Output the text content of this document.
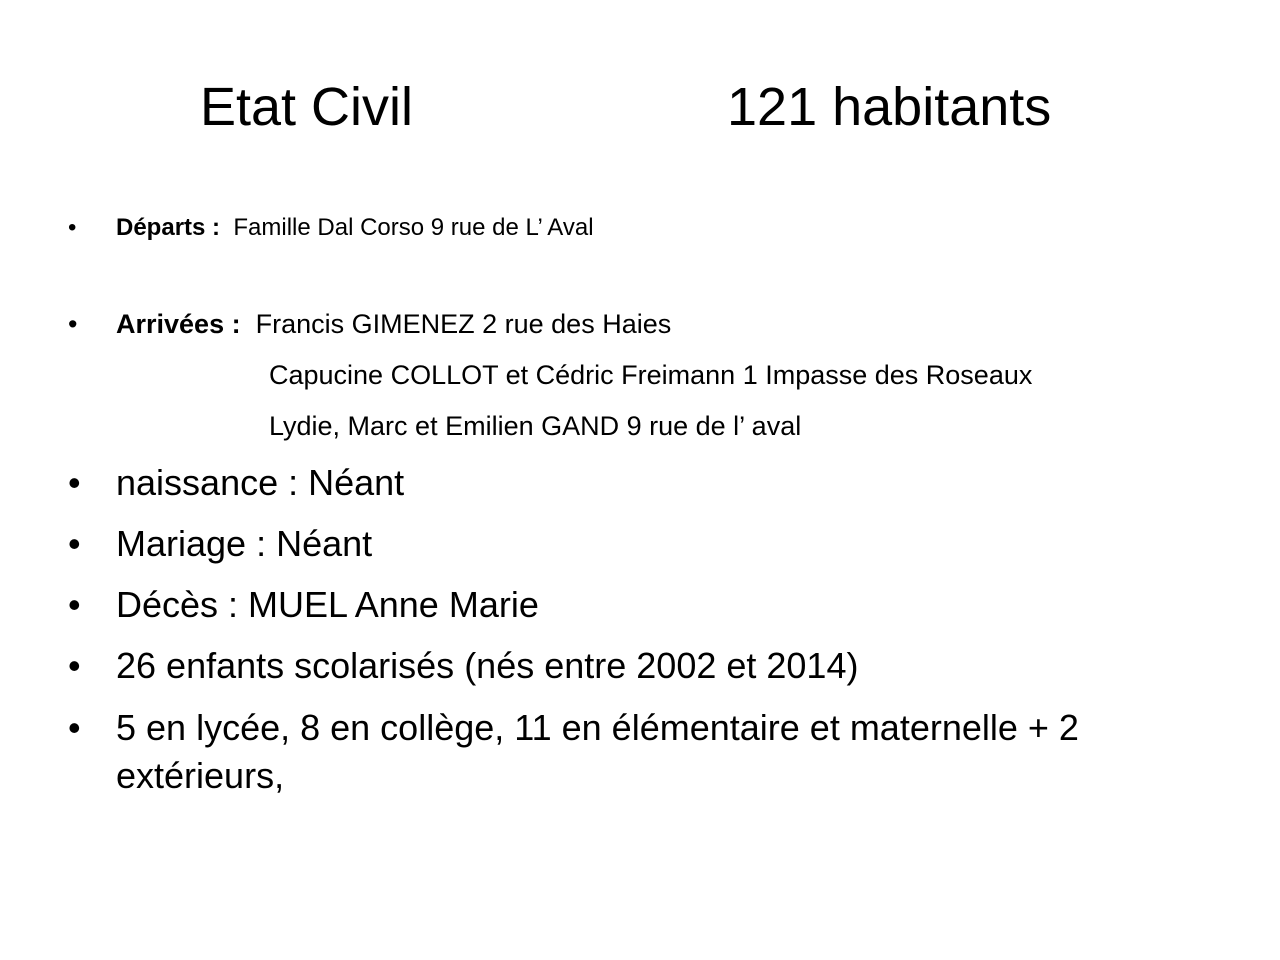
Etat Civil	121 habitants
• Départs : Famille Dal Corso 9 rue de L’ Aval
• Arrivées : Francis GIMENEZ 2 rue des Haies
Capucine COLLOT et Cédric Freimann 1 Impasse des Roseaux
Lydie, Marc et Emilien GAND 9 rue de l’ aval
• naissance : Néant
• Mariage : Néant
• Décès : MUEL Anne Marie
• 26 enfants scolarisés (nés entre 2002 et 2014)
• 5 en lycée, 8 en collège, 11 en élémentaire et maternelle + 2 extérieurs,
